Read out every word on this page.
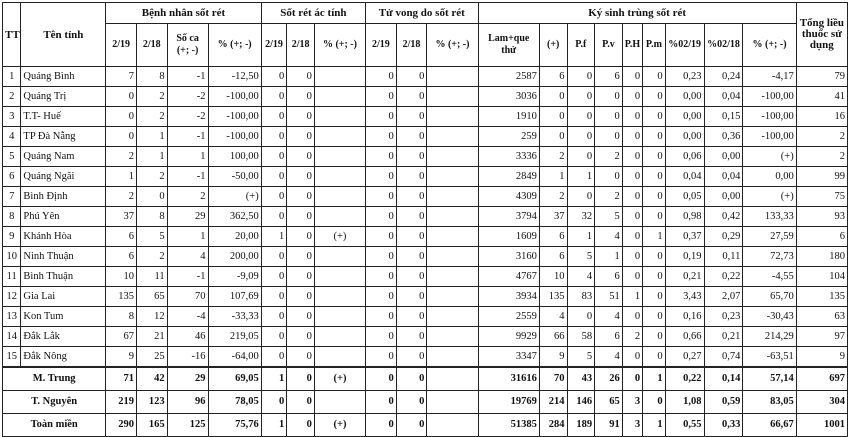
TT	Tên tỉnh	Bệnh nhân sốt rét				Sốt rét ác tính			Tử vong do sốt rét			Ký sinh trùng sốt rét									Tổng liều thuốc sử dụng
		2/19	2/18	Số ca (+; -)	% (+; -)	2/19	2/18	% (+; -)	2/19	2/18	% (+; -)	Lam+que thử	(+)	P.f	P.v	P.H	P.m	%02/19	%02/18	% (+; -)	
1	Quảng Bình	7	8	-1	-12,50	0	0		0	0		2587	6	0	6	0	0	0,23	0,24	-4,17	79
2	Quảng Trị	0	2	-2	-100,00	0	0		0	0		3036	0	0	0	0	0	0,00	0,04	-100,00	41
3	T.T- Huế	0	2	-2	-100,00	0	0		0	0		1910	0	0	0	0	0	0,00	0,15	-100,00	16
4	TP Đà Nẵng	0	1	-1	-100,00	0	0		0	0		259	0	0	0	0	0	0,00	0,36	-100,00	2
5	Quảng Nam	2	1	1	100,00	0	0		0	0		3336	2	0	2	0	0	0,06	0,00	(+)	2
6	Quảng Ngãi	1	2	-1	-50,00	0	0		0	0		2849	1	1	0	0	0	0,04	0,04	0,00	99
7	Bình Định	2	0	2	(+)	0	0		0	0		4309	2	0	2	0	0	0,05	0,00	(+)	75
8	Phú Yên	37	8	29	362,50	0	0		0	0		3794	37	32	5	0	0	0,98	0,42	133,33	93
9	Khánh Hòa	6	5	1	20,00	1	0	(+)	0	0		1609	6	1	4	0	1	0,37	0,29	27,59	6
10	Ninh Thuận	6	2	4	200,00	0	0		0	0		3160	6	5	1	0	0	0,19	0,11	72,73	180
11	Bình Thuận	10	11	-1	-9,09	0	0		0	0		4767	10	4	6	0	0	0,21	0,22	-4,55	104
12	Gia Lai	135	65	70	107,69	0	0		0	0		3934	135	83	51	1	0	3,43	2,07	65,70	135
13	Kon Tum	8	12	-4	-33,33	0	0		0	0		2559	4	0	4	0	0	0,16	0,23	-30,43	63
14	Đắk Lắk	67	21	46	219,05	0	0		0	0		9929	66	58	6	2	0	0,66	0,21	214,29	97
15	Đắk Nông	9	25	-16	-64,00	0	0		0	0		3347	9	5	4	0	0	0,27	0,74	-63,51	9
M. Trung		71	42	29	69,05	1	0	(+)	0	0		31616	70	43	26	0	1	0,22	0,14	57,14	697
T. Nguyên		219	123	96	78,05	0	0		0	0		19769	214	146	65	3	0	1,08	0,59	83,05	304
Toàn miền		290	165	125	75,76	1	0	(+)	0	0		51385	284	189	91	3	1	0,55	0,33	66,67	1001
